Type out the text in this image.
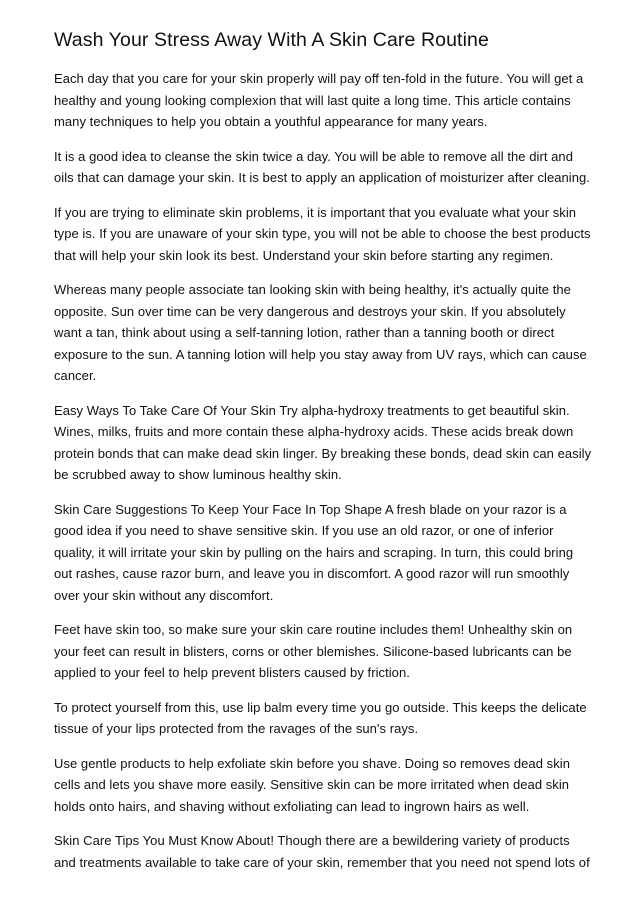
Wash Your Stress Away With A Skin Care Routine

Each day that you care for your skin properly will pay off ten-fold in the future. You will get a healthy and young looking complexion that will last quite a long time. This article contains many techniques to help you obtain a youthful appearance for many years.

It is a good idea to cleanse the skin twice a day. You will be able to remove all the dirt and oils that can damage your skin. It is best to apply an application of moisturizer after cleaning.

If you are trying to eliminate skin problems, it is important that you evaluate what your skin type is. If you are unaware of your skin type, you will not be able to choose the best products that will help your skin look its best. Understand your skin before starting any regimen.

Whereas many people associate tan looking skin with being healthy, it's actually quite the opposite. Sun over time can be very dangerous and destroys your skin. If you absolutely want a tan, think about using a self-tanning lotion, rather than a tanning booth or direct exposure to the sun. A tanning lotion will help you stay away from UV rays, which can cause cancer.

Easy Ways To Take Care Of Your Skin Try alpha-hydroxy treatments to get beautiful skin. Wines, milks, fruits and more contain these alpha-hydroxy acids. These acids break down protein bonds that can make dead skin linger. By breaking these bonds, dead skin can easily be scrubbed away to show luminous healthy skin.

Skin Care Suggestions To Keep Your Face In Top Shape A fresh blade on your razor is a good idea if you need to shave sensitive skin. If you use an old razor, or one of inferior quality, it will irritate your skin by pulling on the hairs and scraping. In turn, this could bring out rashes, cause razor burn, and leave you in discomfort. A good razor will run smoothly over your skin without any discomfort.

Feet have skin too, so make sure your skin care routine includes them! Unhealthy skin on your feet can result in blisters, corns or other blemishes. Silicone-based lubricants can be applied to your feel to help prevent blisters caused by friction.

To protect yourself from this, use lip balm every time you go outside. This keeps the delicate tissue of your lips protected from the ravages of the sun's rays.

Use gentle products to help exfoliate skin before you shave. Doing so removes dead skin cells and lets you shave more easily. Sensitive skin can be more irritated when dead skin holds onto hairs, and shaving without exfoliating can lead to ingrown hairs as well.

Skin Care Tips You Must Know About! Though there are a bewildering variety of products and treatments available to take care of your skin, remember that you need not spend lots of
